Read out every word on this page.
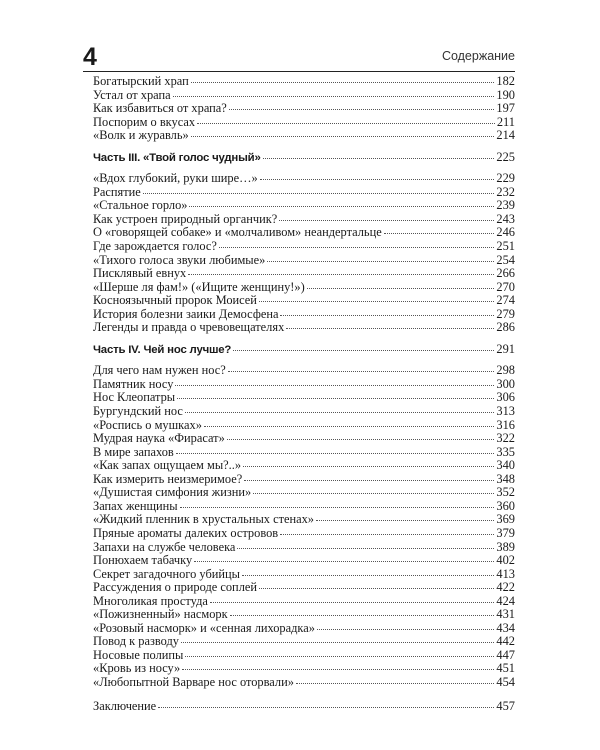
4	Содержание
Богатырский храп	182
Устал от храпа	190
Как избавиться от храпа?	197
Поспорим о вкусах	211
«Волк и журавль»	214
Часть III. «Твой голос чудный»	225
«Вдох глубокий, руки шире…»	229
Распятие	232
«Стальное горло»	239
Как устроен природный органчик?	243
О «говорящей собаке» и «молчаливом» неандертальце	246
Где зарождается голос?	251
«Тихого голоса звуки любимые»	254
Писклявый евнух	266
«Шерше ля фам!» («Ищите женщину!»)	270
Косноязычный пророк Моисей	274
История болезни заики Демосфена	279
Легенды и правда о чревовещателях	286
Часть IV. Чей нос лучше?	291
Для чего нам нужен нос?	298
Памятник носу	300
Нос Клеопатры	306
Бургундский нос	313
«Роспись о мушках»	316
Мудрая наука «Фирасат»	322
В мире запахов	335
«Как запах ощущаем мы?..»	340
Как измерить неизмеримое?	348
«Душистая симфония жизни»	352
Запах женщины	360
«Жидкий пленник в хрустальных стенах»	369
Пряные ароматы далеких островов	379
Запахи на службе человека	389
Понюхаем табачку	402
Секрет загадочного убийцы	413
Рассуждения о природе соплей	422
Многоликая простуда	424
«Пожизненный» насморк	431
«Розовый насморк» и «сенная лихорадка»	434
Повод к разводу	442
Носовые полипы	447
«Кровь из носу»	451
«Любопытной Варваре нос оторвали»	454
Заключение	457
